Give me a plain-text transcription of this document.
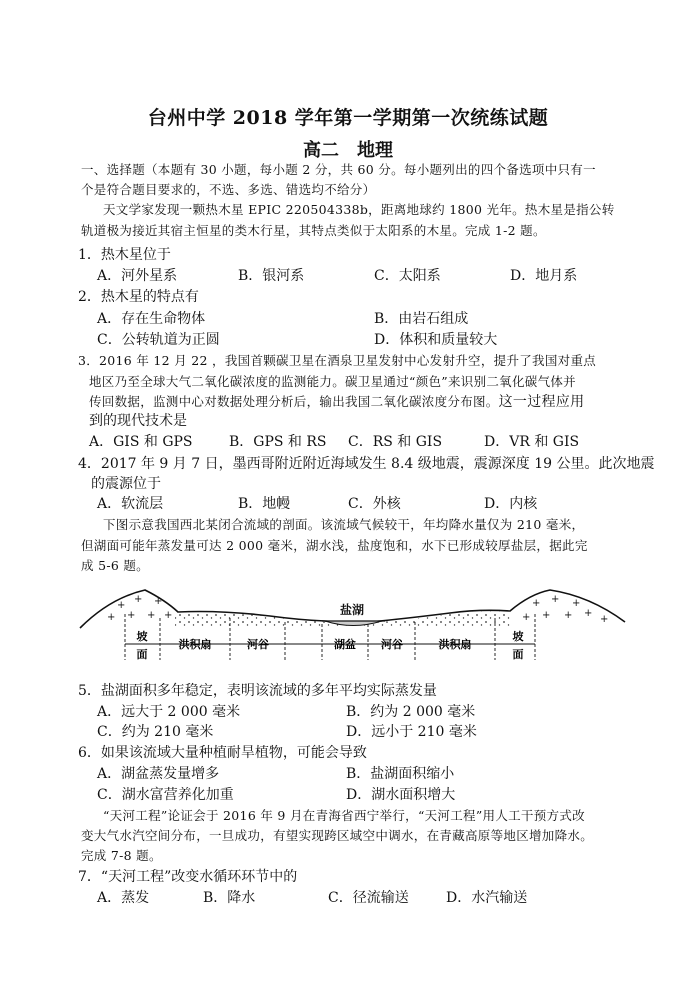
台州中学 2018 学年第一学期第一次统练试题
高二　地理
一、选择题（本题有 30 小题，每小题 2 分，共 60 分。每小题列出的四个备选项中只有一
个是符合题目要求的，不选、多选、错选均不给分）
天文学家发现一颗热木星 EPIC 220504338b，距离地球约 1800 光年。热木星是指公转
轨道极为接近其宿主恒星的类木行星，其特点类似于太阳系的木星。完成 1-2 题。
1．热木星位于
A．河外星系	B．银河系	C．太阳系	D．地月系
2．热木星的特点有
A．存在生命物体	B．由岩石组成
C．公转轨道为正圆	D．体积和质量较大
3．2016 年 12 月 22 ，我国首颗碳卫星在酒泉卫星发射中心发射升空，提升了我国对重点
地区乃至全球大气二氧化碳浓度的监测能力。碳卫星通过“颜色”来识别二氧化碳气体并
传回数据，监测中心对数据处理分析后，输出我国二氧化碳浓度分布图。这一过程应用
到的现代技术是
A．GIS 和 GPS	B．GPS 和 RS C．RS 和 GIS	D．VR 和 GIS
4．2017 年 9 月 7 日，墨西哥附近附近海域发生 8.4 级地震，震源深度 19 公里。此次地震
的震源位于
A．软流层	B．地幔	C．外核	D．内核
下图示意我国西北某闭合流域的剖面。该流域气候较干，年均降水量仅为 210 毫米，
但湖面可能年蒸发量可达 2 000 毫米，湖水浅，盐度饱和，水下已形成较厚盐层，据此完
成 5-6 题。
+
+ +
+ + + +
+ + +
+ + + +
+
盐湖
坡
面
洪积扇	河谷	湖盆 河谷	洪积扇
坡
面
5．盐湖面积多年稳定，表明该流域的多年平均实际蒸发量
A．远大于 2 000 毫米	B．约为 2 000 毫米
C．约为 210 毫米	D．远小于 210 毫米
6．如果该流域大量种植耐旱植物，可能会导致
A．湖盆蒸发量增多	B．盐湖面积缩小
C．湖水富营养化加重	D．湖水面积增大
“天河工程”论证会于 2016 年 9 月在青海省西宁举行，“天河工程”用人工干预方式改
变大气水汽空间分布，一旦成功，有望实现跨区域空中调水，在青藏高原等地区增加降水。
完成 7-8 题。
7．“天河工程”改变水循环环节中的
A．蒸发	B．降水	C．径流输送	D．水汽输送
